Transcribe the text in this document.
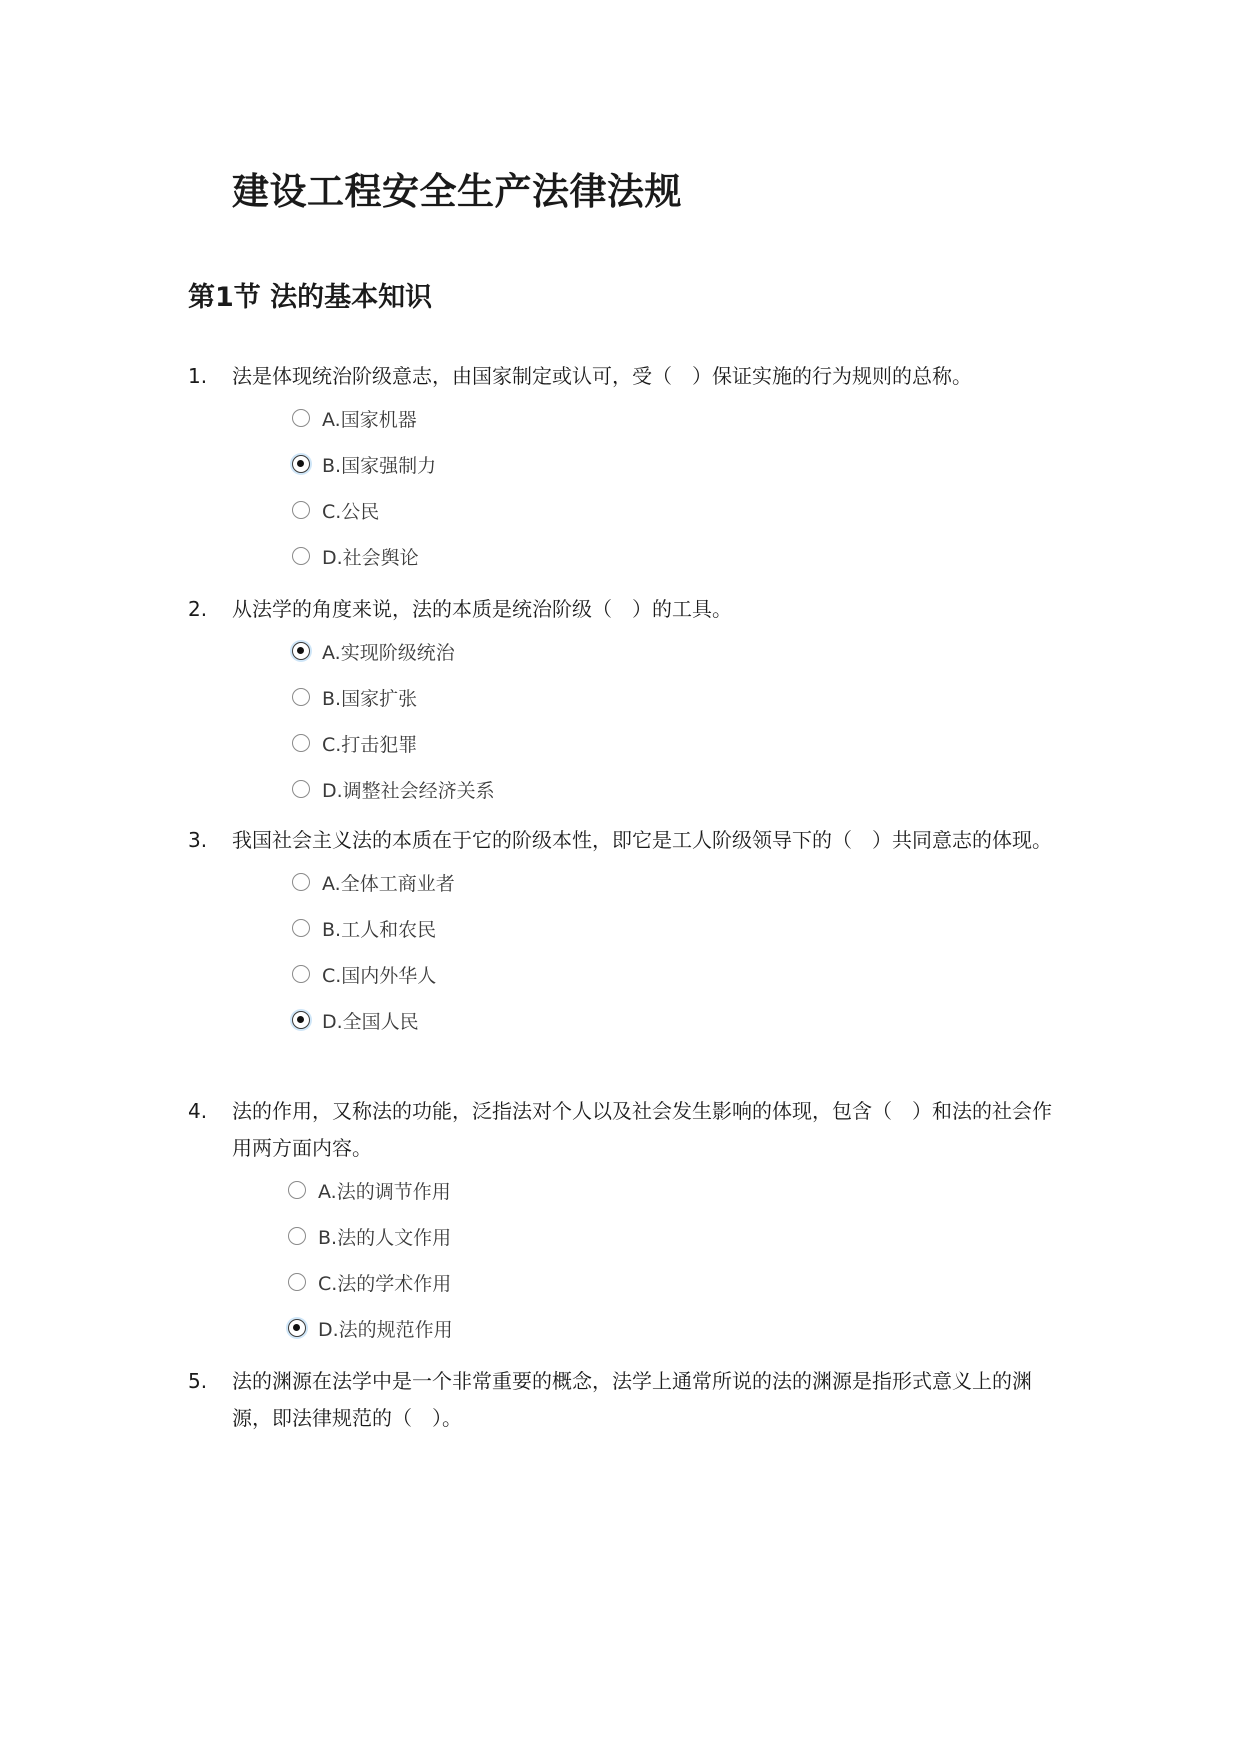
建设工程安全生产法律法规
第1节 法的基本知识
1.	法是体现统治阶级意志，由国家制定或认可，受（　）保证实施的行为规则的总称。
A.国家机器
B.国家强制力
C.公民
D.社会舆论
2.	从法学的角度来说，法的本质是统治阶级（　）的工具。
A.实现阶级统治
B.国家扩张
C.打击犯罪
D.调整社会经济关系
3.	我国社会主义法的本质在于它的阶级本性，即它是工人阶级领导下的（　）共同意志的体现。
A.全体工商业者
B.工人和农民
C.国内外华人
D.全国人民
4.	法的作用，又称法的功能，泛指法对个人以及社会发生影响的体现，包含（　）和法的社会作用两方面内容。
A.法的调节作用
B.法的人文作用
C.法的学术作用
D.法的规范作用
5.	法的渊源在法学中是一个非常重要的概念，法学上通常所说的法的渊源是指形式意义上的渊源，即法律规范的（　）。
